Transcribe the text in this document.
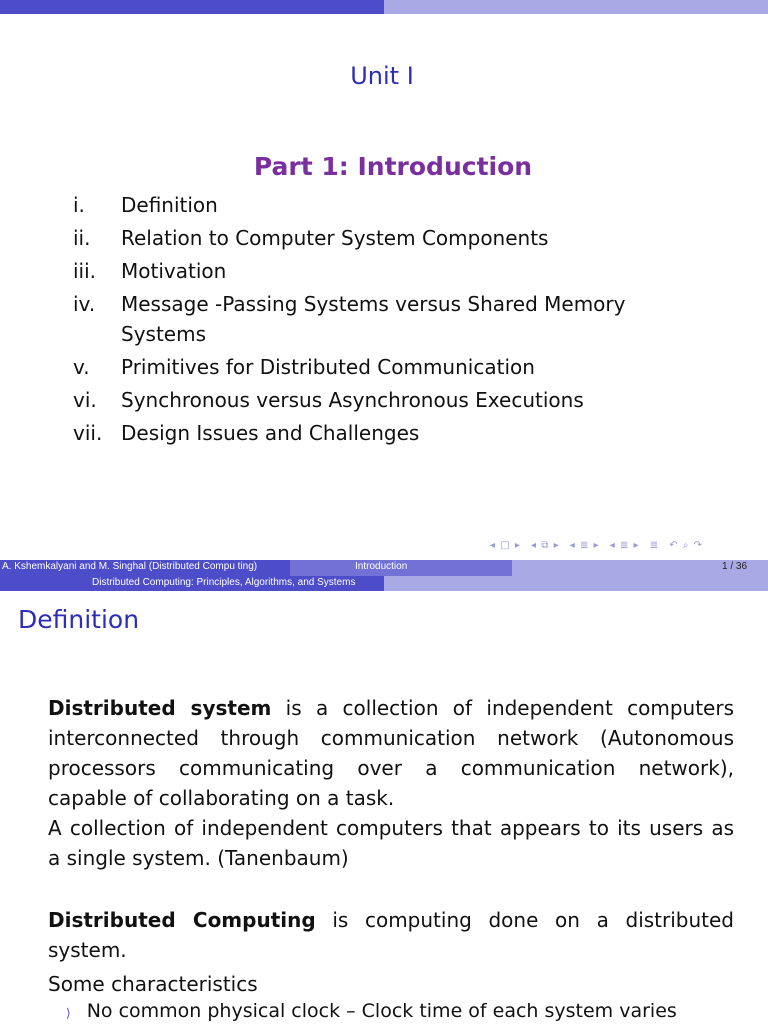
Unit I
Part 1: Introduction
i. Definition
ii. Relation to Computer System Components
iii. Motivation
iv. Message -Passing Systems versus Shared Memory Systems
v. Primitives for Distributed Communication
vi. Synchronous versus Asynchronous Executions
vii. Design Issues and Challenges
◂ □ ▸ ◂ ⧉ ▸ ◂ ≣ ▸ ◂ ≣ ▸ ≣ ↶ ⌕ ↷
A. Kshemkalyani and M. Singhal (Distributed Compu ting)	Introduction	1 / 36
Distributed Computing: Principles, Algorithms, and Systems
Definition
Distributed system is a collection of independent computers interconnected through communication network (Autonomous processors communicating over a communication network), capable of collaborating on a task.
A collection of independent computers that appears to its users as a single system. (Tanenbaum)
Distributed Computing is computing done on a distributed system.
Some characteristics
⟩ No common physical clock – Clock time of each system varies
